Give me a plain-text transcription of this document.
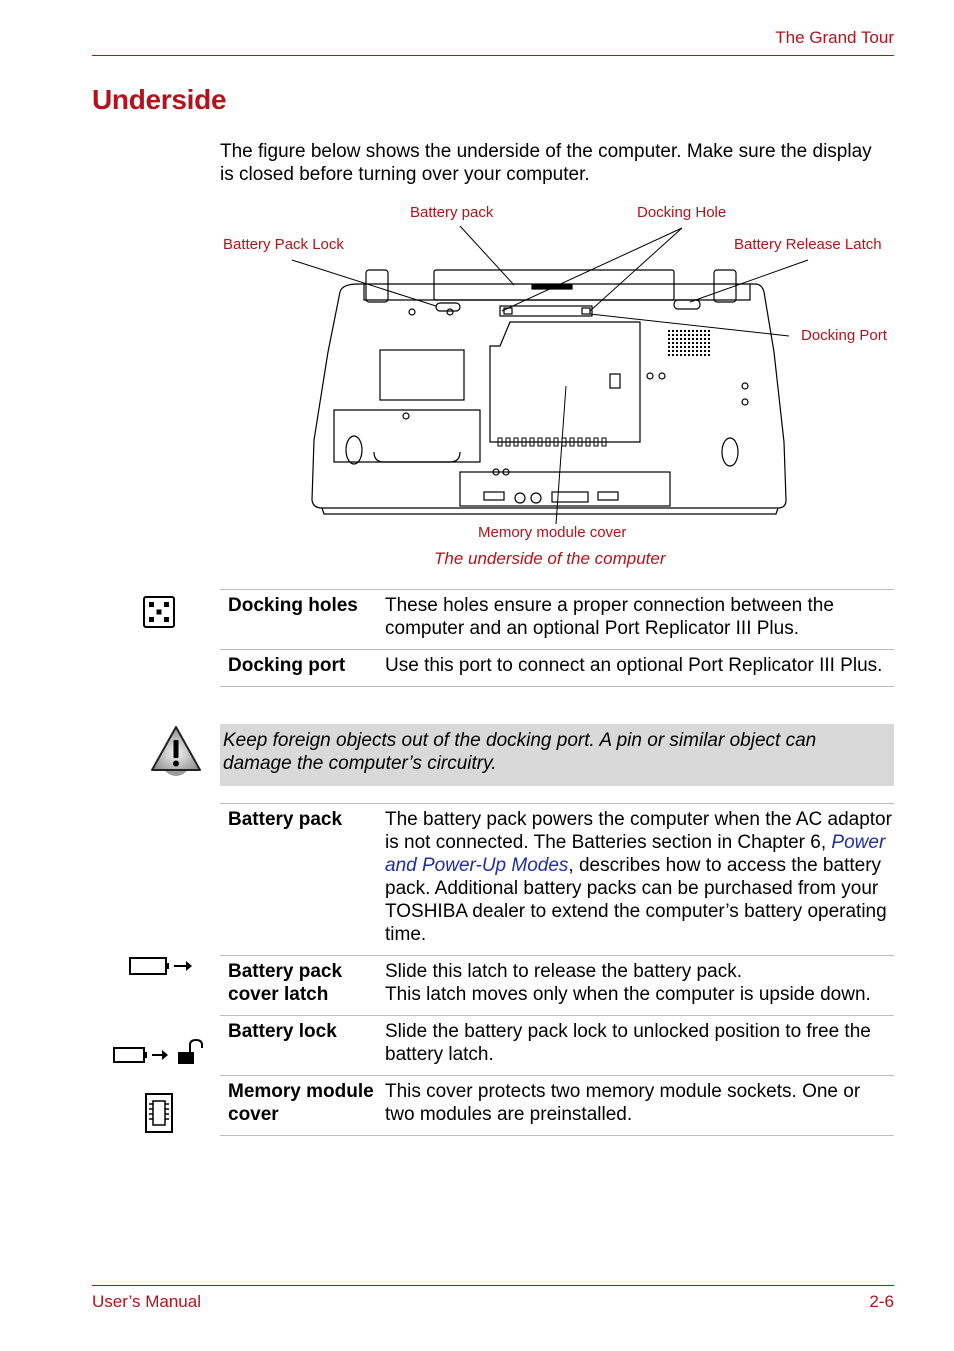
The Grand Tour
Underside
The figure below shows the underside of the computer. Make sure the display is closed before turning over your computer.
Battery pack	Docking Hole
Battery Pack Lock	Battery Release Latch
Docking Port
Memory module cover
The underside of the computer
Docking holes	These holes ensure a proper connection between the computer and an optional Port Replicator III Plus.
Docking port	Use this port to connect an optional Port Replicator III Plus.
Keep foreign objects out of the docking port. A pin or similar object can damage the computer’s circuitry.
Battery pack	The battery pack powers the computer when the AC adaptor is not connected. The Batteries section in Chapter 6, Power and Power-Up Modes, describes how to access the battery pack. Additional battery packs can be purchased from your TOSHIBA dealer to extend the computer’s battery operating time.
Battery pack cover latch	Slide this latch to release the battery pack.
This latch moves only when the computer is upside down.

Battery lock	Slide the battery pack lock to unlocked position to free the battery latch.
Memory module cover	This cover protects two memory module sockets. One or two modules are preinstalled.
User’s Manual	2-6
